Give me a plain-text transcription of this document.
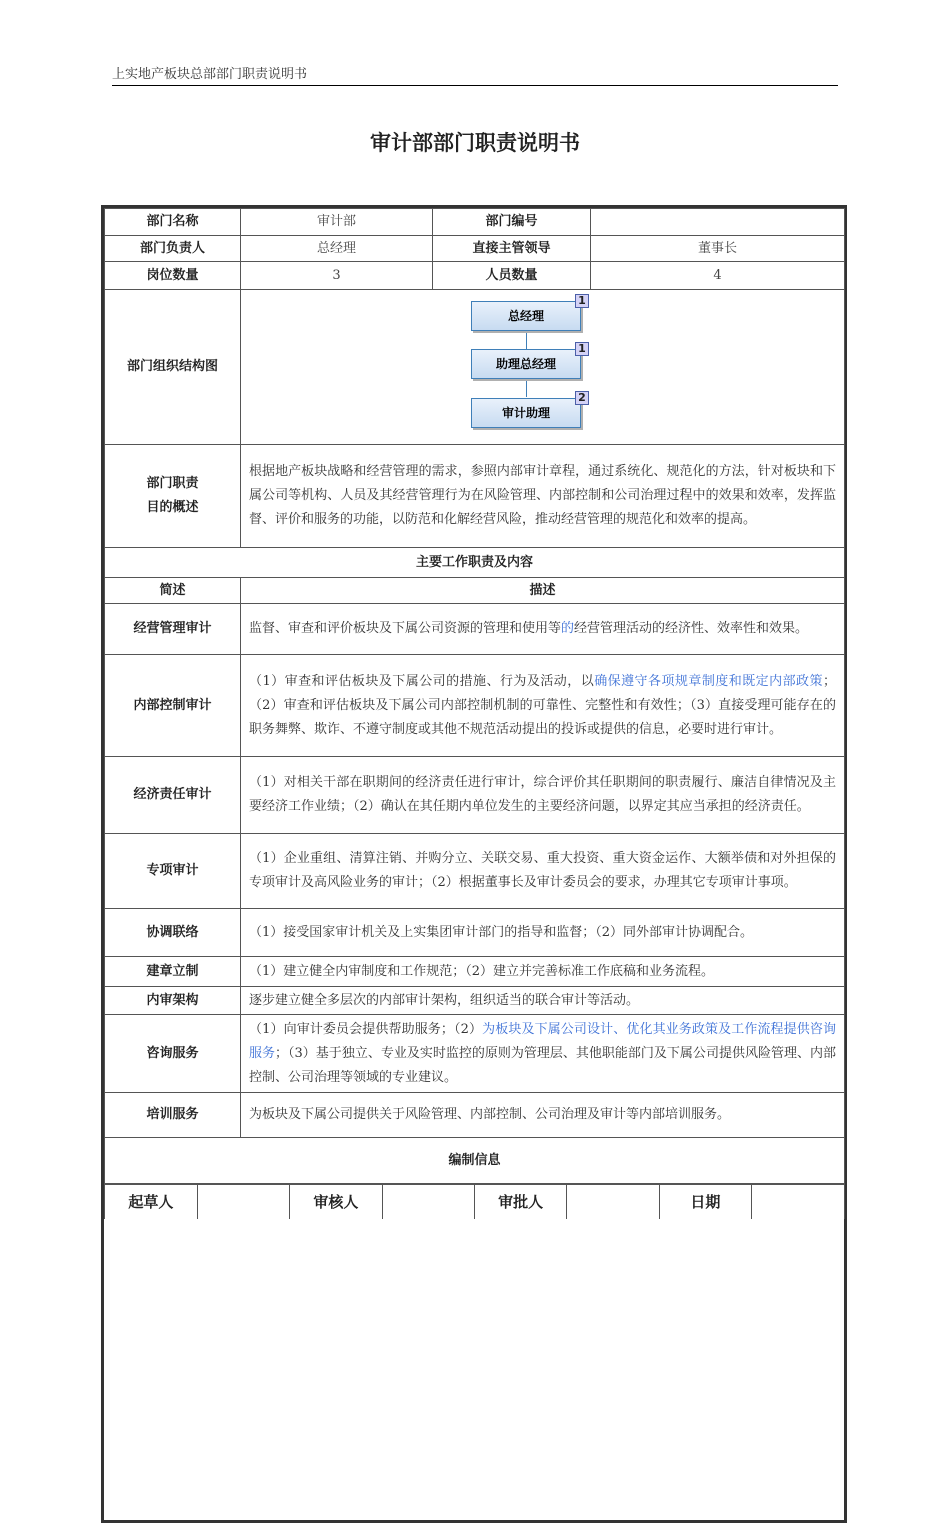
上实地产板块总部部门职责说明书
审计部部门职责说明书
部门名称	审计部	部门编号	
部门负责人	总经理	直接主管领导	董事长
岗位数量	3	人员数量	4
部门组织结构图	
总经理
1
助理总经理
1
审计助理
2

部门职责
目的概述
	根据地产板块战略和经营管理的需求，参照内部审计章程，通过系统化、规范化的方法，针对板块和下属公司等机构、人员及其经营管理行为在风险管理、内部控制和公司治理过程中的效果和效率，发挥监督、评价和服务的功能，以防范和化解经营风险，推动经营管理的规范化和效率的提高。
主要工作职责及内容
简述	描述
经营管理审计	监督、审查和评价板块及下属公司资源的管理和使用等的经营管理活动的经济性、效率性和效果。
内部控制审计	（1）审查和评估板块及下属公司的措施、行为及活动，以确保遵守各项规章制度和既定内部政策；（2）审查和评估板块及下属公司内部控制机制的可靠性、完整性和有效性；（3）直接受理可能存在的职务舞弊、欺诈、不遵守制度或其他不规范活动提出的投诉或提供的信息，必要时进行审计。
经济责任审计	（1）对相关干部在职期间的经济责任进行审计，综合评价其任职期间的职责履行、廉洁自律情况及主要经济工作业绩；（2）确认在其任期内单位发生的主要经济问题，以界定其应当承担的经济责任。
专项审计	（1）企业重组、清算注销、并购分立、关联交易、重大投资、重大资金运作、大额举债和对外担保的专项审计及高风险业务的审计；（2）根据董事长及审计委员会的要求，办理其它专项审计事项。
协调联络	（1）接受国家审计机关及上实集团审计部门的指导和监督；（2）同外部审计协调配合。
建章立制	（1）建立健全内审制度和工作规范；（2）建立并完善标准工作底稿和业务流程。
内审架构	逐步建立健全多层次的内部审计架构，组织适当的联合审计等活动。
咨询服务	（1）向审计委员会提供帮助服务；（2）为板块及下属公司设计、优化其业务政策及工作流程提供咨询服务；（3）基于独立、专业及实时监控的原则为管理层、其他职能部门及下属公司提供风险管理、内部控制、公司治理等领域的专业建议。
培训服务	为板块及下属公司提供关于风险管理、内部控制、公司治理及审计等内部培训服务。
编制信息

起草人		审核人		审批人		日期	
